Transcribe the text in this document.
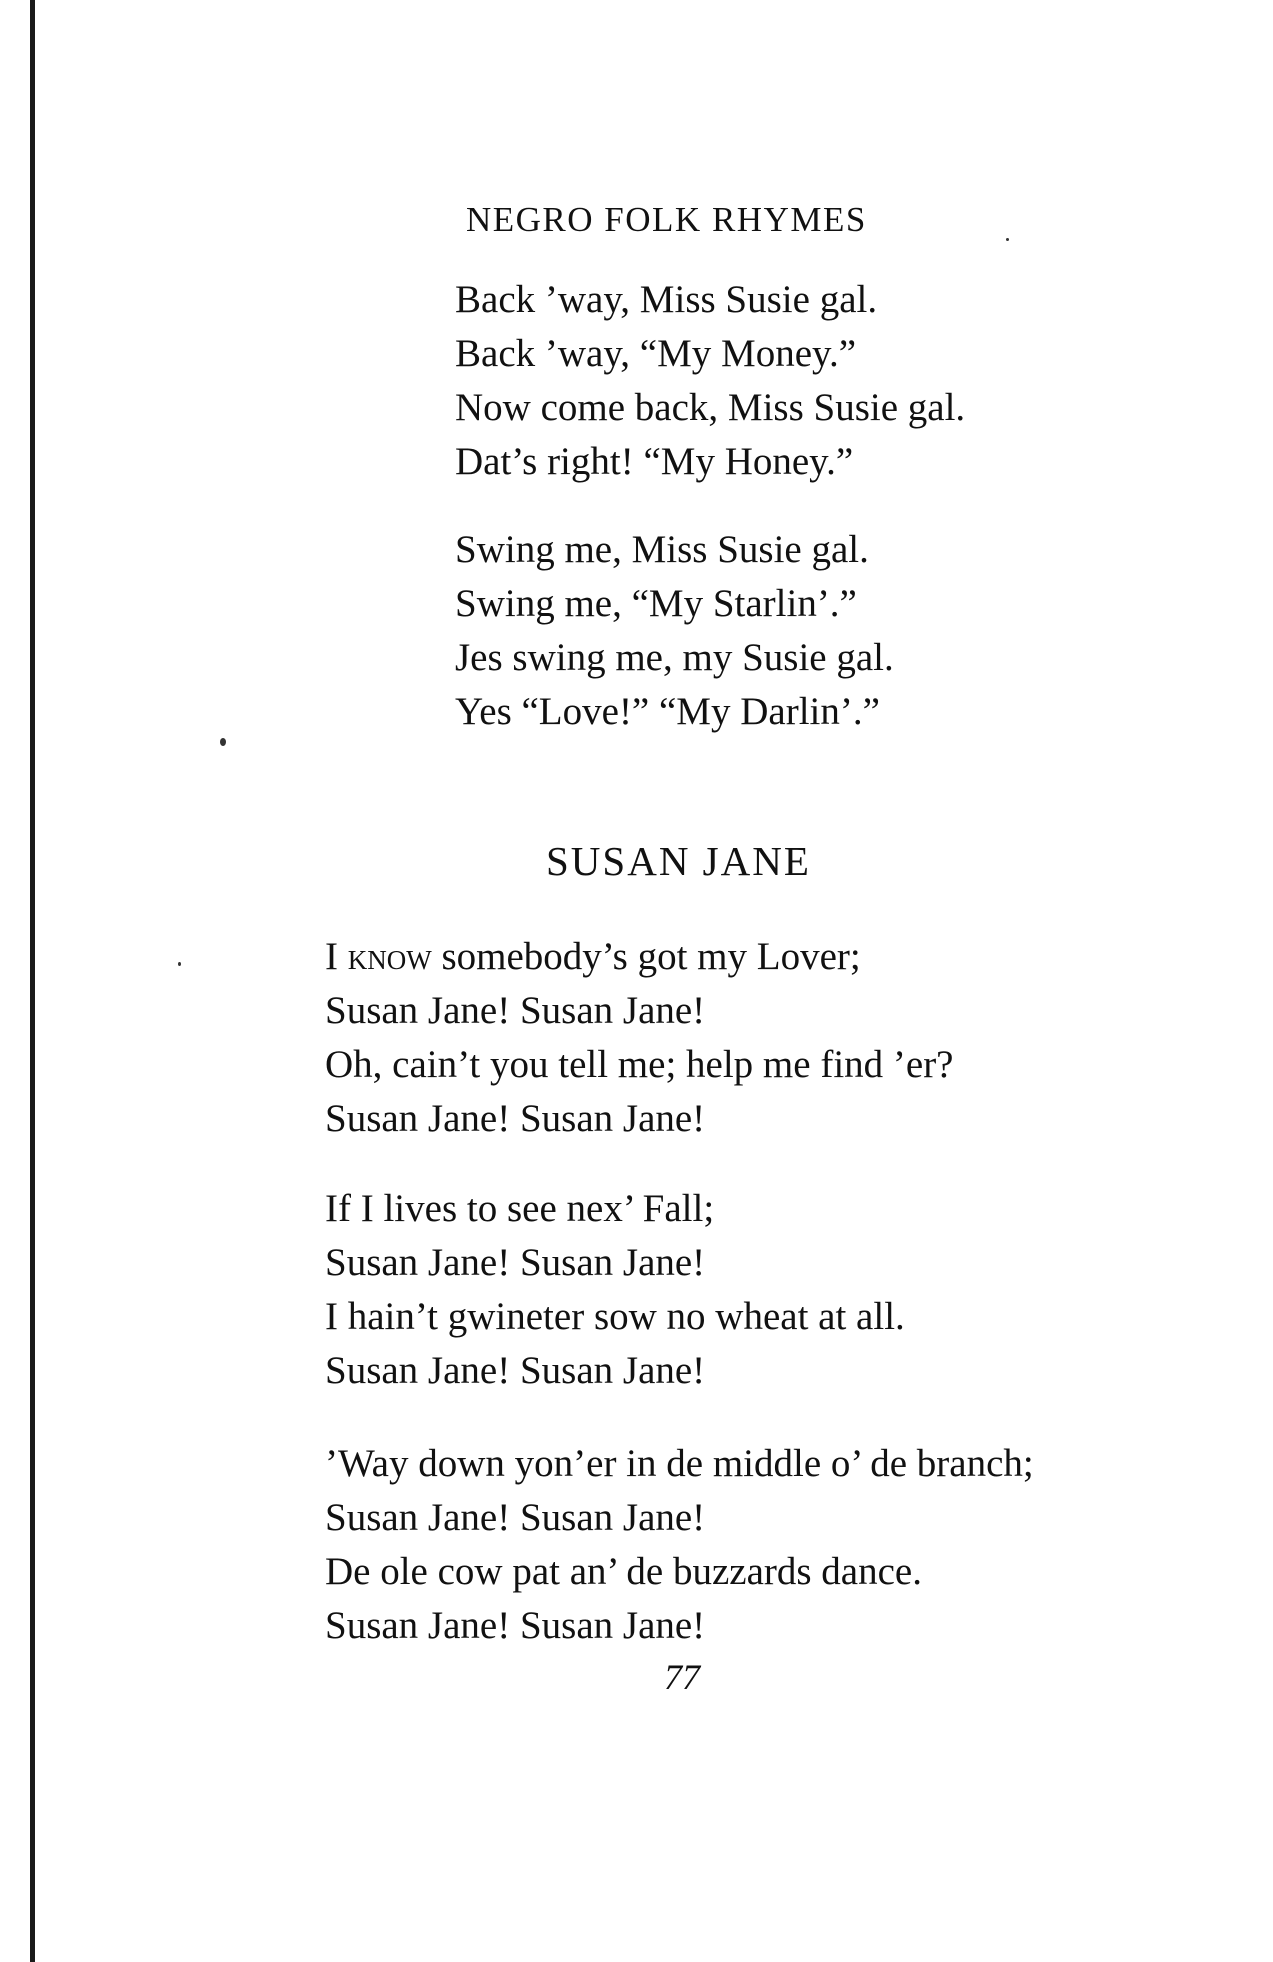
NEGRO FOLK RHYMES
Back ’way, Miss Susie gal.
Back ’way, “My Money.”
Now come back, Miss Susie gal.
Dat’s right! “My Honey.”
Swing me, Miss Susie gal.
Swing me, “My Starlin’.”
Jes swing me, my Susie gal.
Yes “Love!” “My Darlin’.”
SUSAN JANE
I know somebody’s got my Lover;
Susan Jane! Susan Jane!
Oh, cain’t you tell me; help me find ’er?
Susan Jane! Susan Jane!
If I lives to see nex’ Fall;
Susan Jane! Susan Jane!
I hain’t gwineter sow no wheat at all.
Susan Jane! Susan Jane!
’Way down yon’er in de middle o’ de branch;
Susan Jane! Susan Jane!
De ole cow pat an’ de buzzards dance.
Susan Jane! Susan Jane!
77
